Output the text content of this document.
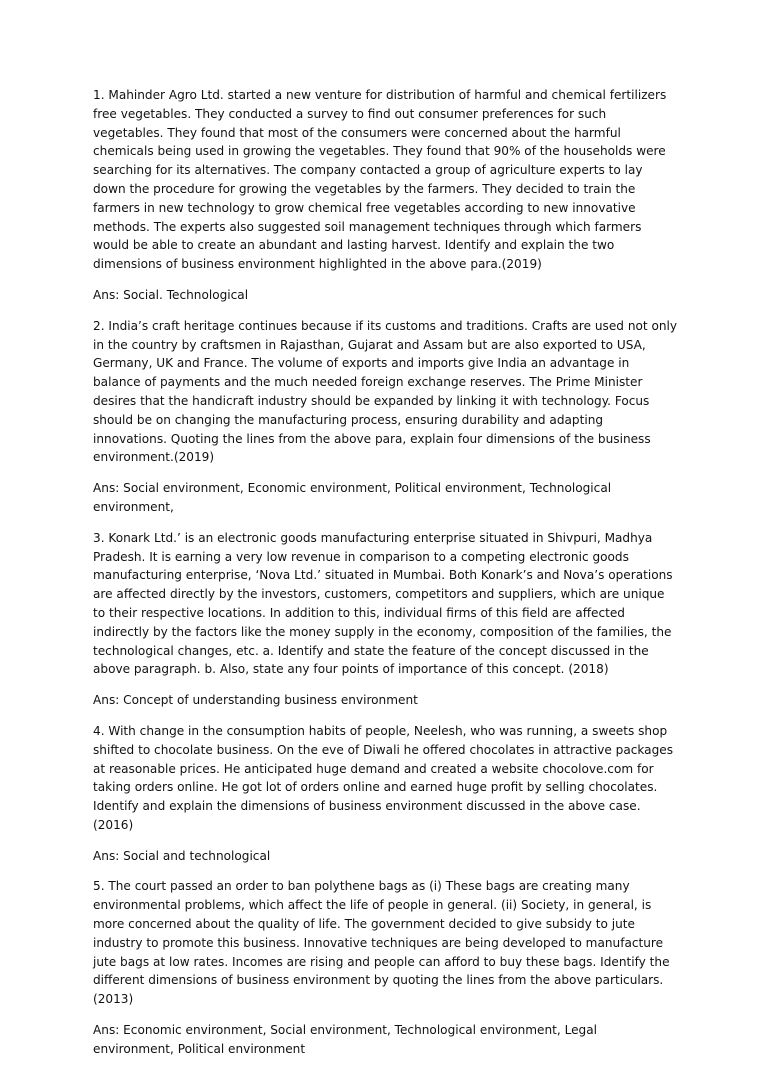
1. Mahinder Agro Ltd. started a new venture for distribution of harmful and chemical fertilizers free vegetables. They conducted a survey to find out consumer preferences for such vegetables. They found that most of the consumers were concerned about the harmful chemicals being used in growing the vegetables. They found that 90% of the households were searching for its alternatives. The company contacted a group of agriculture experts to lay down the procedure for growing the vegetables by the farmers. They decided to train the farmers in new technology to grow chemical free vegetables according to new innovative methods. The experts also suggested soil management techniques through which farmers would be able to create an abundant and lasting harvest. Identify and explain the two dimensions of business environment highlighted in the above para.(2019)

Ans: Social. Technological

2. India’s craft heritage continues because if its customs and traditions. Crafts are used not only in the country by craftsmen in Rajasthan, Gujarat and Assam but are also exported to USA, Germany, UK and France. The volume of exports and imports give India an advantage in balance of payments and the much needed foreign exchange reserves. The Prime Minister desires that the handicraft industry should be expanded by linking it with technology. Focus should be on changing the manufacturing process, ensuring durability and adapting innovations. Quoting the lines from the above para, explain four dimensions of the business environment.(2019)

Ans: Social environment, Economic environment, Political environment, Technological environment,

3. Konark Ltd.’ is an electronic goods manufacturing enterprise situated in Shivpuri, Madhya Pradesh. It is earning a very low revenue in comparison to a competing electronic goods manufacturing enterprise, ‘Nova Ltd.’ situated in Mumbai. Both Konark’s and Nova’s operations are affected directly by the investors, customers, competitors and suppliers, which are unique to their respective locations. In addition to this, individual firms of this field are affected indirectly by the factors like the money supply in the economy, composition of the families, the technological changes, etc. a. Identify and state the feature of the concept discussed in the above paragraph. b. Also, state any four points of importance of this concept. (2018)

Ans: Concept of understanding business environment

4. With change in the consumption habits of people, Neelesh, who was running, a sweets shop shifted to chocolate business. On the eve of Diwali he offered chocolates in attractive packages at reasonable prices. He anticipated huge demand and created a website chocolove.com for taking orders online. He got lot of orders online and earned huge profit by selling chocolates. Identify and explain the dimensions of business environment discussed in the above case.(2016)

Ans: Social and technological

5. The court passed an order to ban polythene bags as (i) These bags are creating many environmental problems, which affect the life of people in general. (ii) Society, in general, is more concerned about the quality of life. The government decided to give subsidy to jute industry to promote this business. Innovative techniques are being developed to manufacture jute bags at low rates. Incomes are rising and people can afford to buy these bags. Identify the different dimensions of business environment by quoting the lines from the above particulars.(2013)

Ans: Economic environment, Social environment, Technological environment, Legal environment, Political environment
